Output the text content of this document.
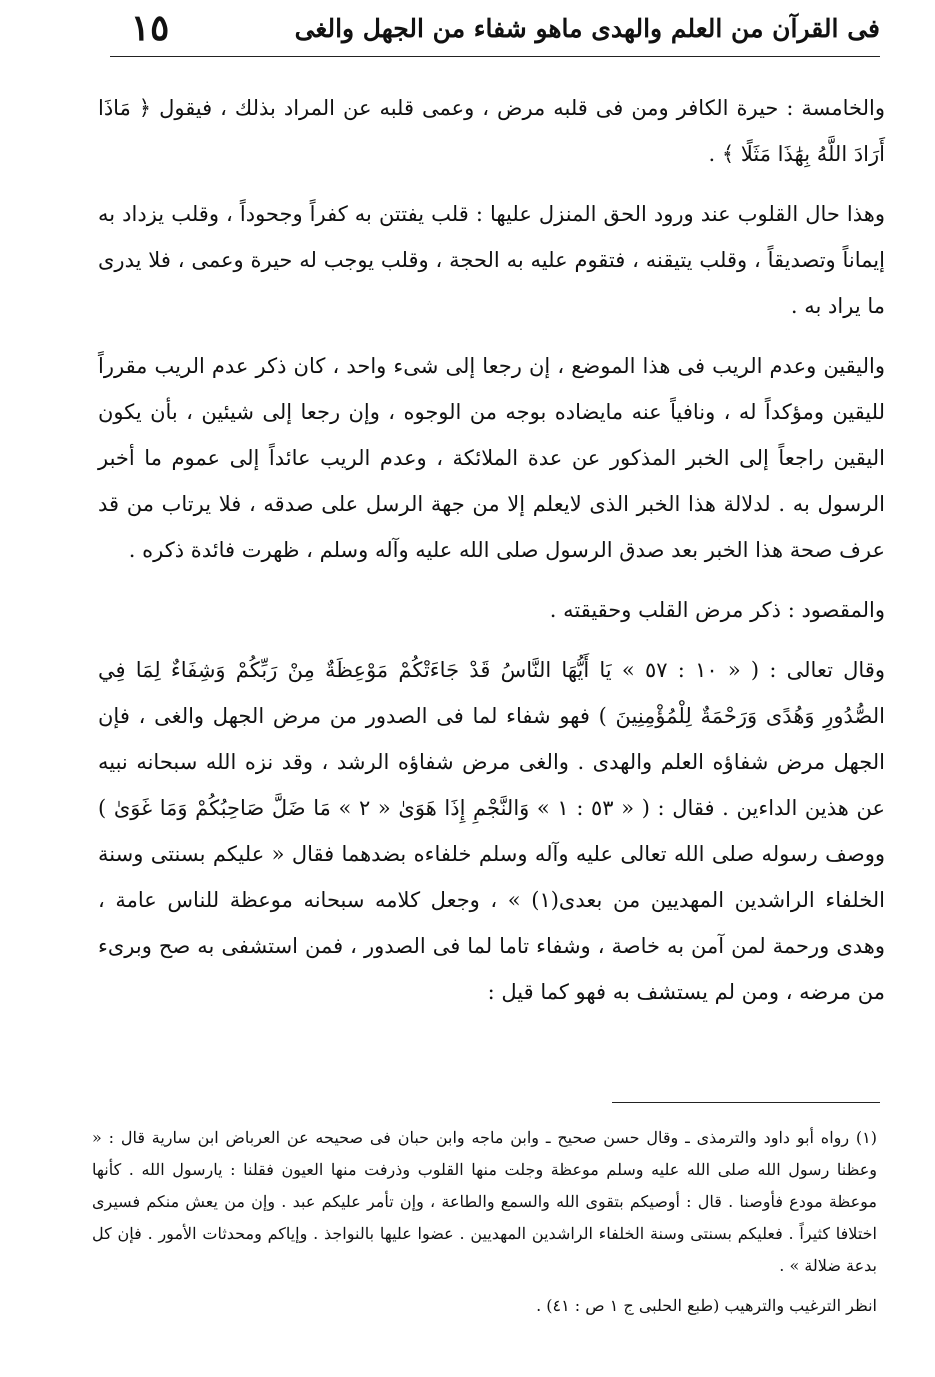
فى القرآن من العلم والهدى ماهو شفاء من الجهل والغى
١٥

والخامسة : حيرة الكافر ومن فى قلبه مرض ، وعمى قلبه عن المراد بذلك ، فيقول ﴿ مَاذَا أَرَادَ اللَّهُ بِهَٰذَا مَثَلًا ﴾ .

وهذا حال القلوب عند ورود الحق المنزل عليها : قلب يفتتن به كفراً وجحوداً ، وقلب يزداد به إيماناً وتصديقاً ، وقلب يتيقنه ، فتقوم عليه به الحجة ، وقلب يوجب له حيرة وعمى ، فلا يدرى ما يراد به .

واليقين وعدم الريب فى هذا الموضع ، إن رجعا إلى شىء واحد ، كان ذكر عدم الريب مقرراً لليقين ومؤكداً له ، ونافياً عنه مايضاده بوجه من الوجوه ، وإن رجعا إلى شيئين ، بأن يكون اليقين راجعاً إلى الخبر المذكور عن عدة الملائكة ، وعدم الريب عائداً إلى عموم ما أخبر الرسول به . لدلالة هذا الخبر الذى لايعلم إلا من جهة الرسل على صدقه ، فلا يرتاب من قد عرف صحة هذا الخبر بعد صدق الرسول صلى الله عليه وآله وسلم ، ظهرت فائدة ذكره .

والمقصود : ذكر مرض القلب وحقيقته .

وقال تعالى : ( « ١٠ : ٥٧ » يَا أَيُّهَا النَّاسُ قَدْ جَاءَتْكُمْ مَوْعِظَةٌ مِنْ رَبِّكُمْ وَشِفَاءٌ لِمَا فِي الصُّدُورِ وَهُدًى وَرَحْمَةٌ لِلْمُؤْمِنِينَ ) فهو شفاء لما فى الصدور من مرض الجهل والغى ، فإن الجهل مرض شفاؤه العلم والهدى . والغى مرض شفاؤه الرشد ، وقد نزه الله سبحانه نبيه عن هذين الداءين . فقال : ( « ٥٣ : ١ » وَالنَّجْمِ إِذَا هَوَىٰ « ٢ » مَا ضَلَّ صَاحِبُكُمْ وَمَا غَوَىٰ ) ووصف رسوله صلى الله تعالى عليه وآله وسلم خلفاءه بضدهما فقال « عليكم بسنتى وسنة الخلفاء الراشدين المهديين من بعدى(١) » ، وجعل كلامه سبحانه موعظة للناس عامة ، وهدى ورحمة لمن آمن به خاصة ، وشفاء تاما لما فى الصدور ، فمن استشفى به صح وبرىء من مرضه ، ومن لم يستشف به فهو كما قيل :

(١) رواه أبو داود والترمذى ـ وقال حسن صحيح ـ وابن ماجه وابن حبان فى صحيحه عن العرباض ابن سارية قال : « وعظنا رسول الله صلى الله عليه وسلم موعظة وجلت منها القلوب وذرفت منها العيون فقلنا : يارسول الله . كأنها موعظة مودع فأوصنا . قال : أوصيكم بتقوى الله والسمع والطاعة ، وإن تأمر عليكم عبد . وإن من يعش منكم فسيرى اختلافا كثيراً . فعليكم بسنتى وسنة الخلفاء الراشدين المهديين . عضوا عليها بالنواجذ . وإياكم ومحدثات الأمور . فإن كل بدعة ضلالة » .

انظر الترغيب والترهيب (طبع الحلبى ج ١ ص : ٤١) .
